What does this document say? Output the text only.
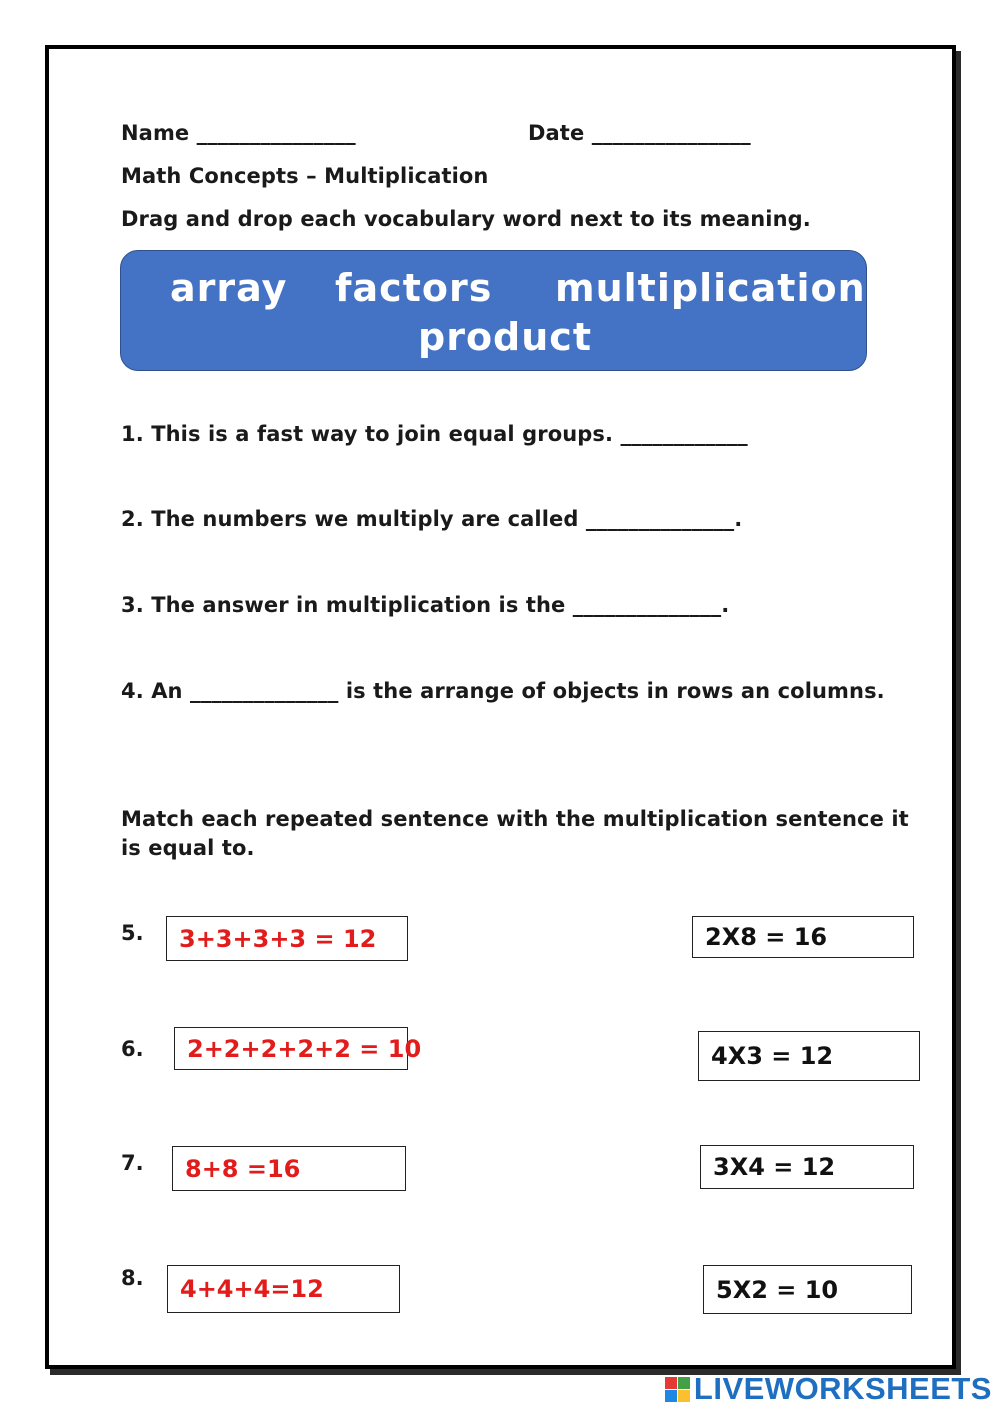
Name _______________	Date _______________
Math Concepts – Multiplication
Drag and drop each vocabulary word next to its meaning.
array factors multiplication
product
1. This is a fast way to join equal groups. ____________
2. The numbers we multiply are called ______________.
3. The answer in multiplication is the ______________.
4. An ______________ is the arrange of objects in rows an columns.
Match each repeated sentence with the multiplication sentence it
is equal to.
5.
6.
7.
8.
3+3+3+3 = 12
2+2+2+2+2 = 10
8+8 =16
4+4+4=12
2X8 = 16
4X3 = 12
3X4 = 12
5X2 = 10
LIVEWORKSHEETS
